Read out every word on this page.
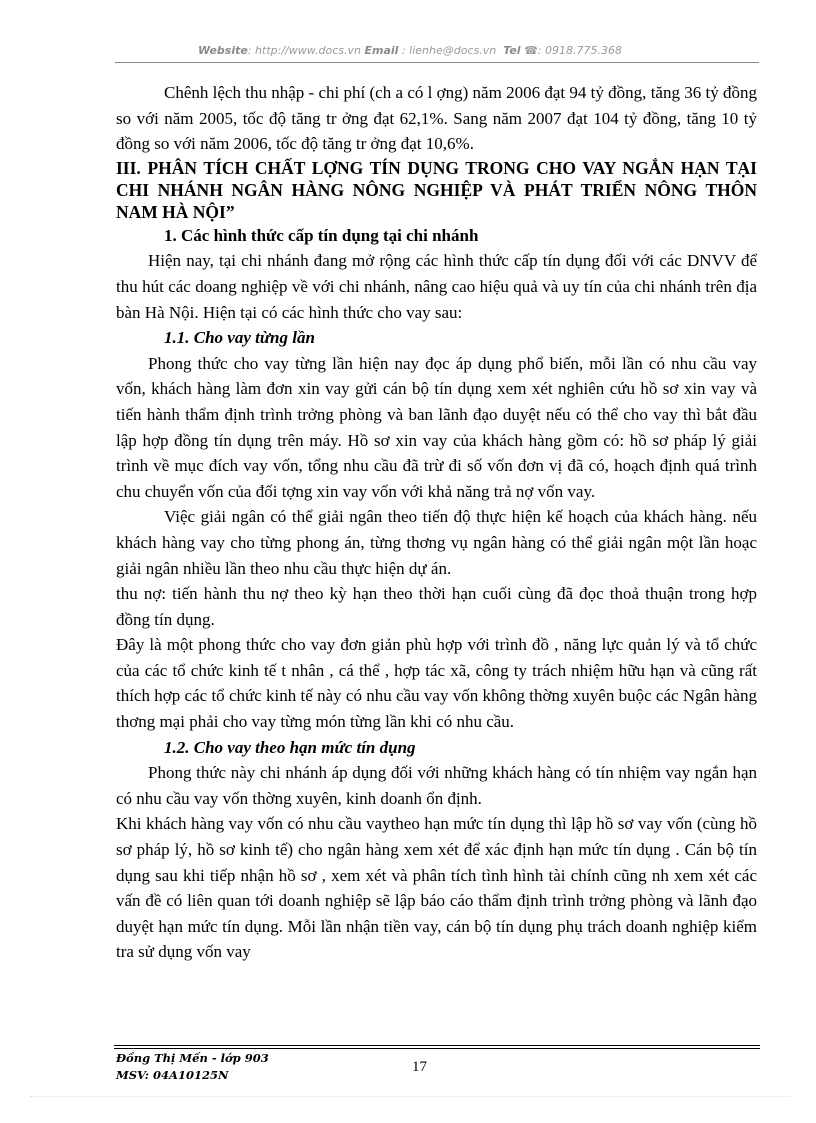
Website: http://www.docs.vn Email : lienhe@docs.vn Tel ☎: 0918.775.368

Chênh lệch thu nhập - chi phí (ch a có l ợng) năm 2006 đạt 94 tỷ đồng, tăng 36 tỷ đồng so với năm 2005, tốc độ tăng tr ởng đạt 62,1%. Sang năm 2007 đạt 104 tỷ đồng, tăng 10 tỷ đồng so với năm 2006, tốc độ tăng tr ởng đạt 10,6%.

III. PHÂN TÍCH CHẤT LỢNG TÍN DỤNG TRONG CHO VAY NGẮN HẠN TẠI CHI NHÁNH NGÂN HÀNG NÔNG NGHIỆP VÀ PHÁT TRIỂN NÔNG THÔN NAM HÀ NỘI”

1. Các hình thức cấp tín dụng tại chi nhánh

Hiện nay, tại chi nhánh đang mở rộng các hình thức cấp tín dụng đối với các DNVV để thu hút các doang nghiệp về với chi nhánh, nâng cao hiệu quả và uy tín của chi nhánh trên địa bàn Hà Nội. Hiện tại có các hình thức cho vay sau:

1.1. Cho vay từng lần

Phong thức cho vay từng lần hiện nay đọc áp dụng phổ biến, mỗi lần có nhu cầu vay vốn, khách hàng làm đơn xin vay gửi cán bộ tín dụng xem xét nghiên cứu hồ sơ xin vay và tiến hành thẩm định trình trởng phòng và ban lãnh đạo duyệt nếu có thể cho vay thì bắt đầu lập hợp đồng tín dụng trên máy. Hồ sơ xin vay của khách hàng gồm có: hồ sơ pháp lý giải trình về mục đích vay vốn, tổng nhu cầu đã trừ đi số vốn đơn vị đã có, hoạch định quá trình chu chuyển vốn của đối tợng xin vay vốn với khả năng trả nợ vốn vay.

Việc giải ngân có thể giải ngân theo tiến độ thực hiện kế hoạch của khách hàng. nếu khách hàng vay cho từng phong án, từng thơng vụ ngân hàng có thể giải ngân một lần hoạc giải ngân nhiều lần theo nhu cầu thực hiện dự án.

thu nợ: tiến hành thu nợ theo kỳ hạn theo thời hạn cuối cùng đã đọc thoả thuận trong hợp đồng tín dụng.

Đây là một phong thức cho vay đơn giản phù hợp với trình đồ , năng lực quản lý và tổ chức của các tổ chức kinh tế t nhân , cá thể , hợp tác xã, công ty trách nhiệm hữu hạn và cũng rất thích hợp các tổ chức kinh tế này có nhu cầu vay vốn không thờng xuyên buộc các Ngân hàng thơng mại phải cho vay từng món từng lần khi có nhu cầu.

1.2. Cho vay theo hạn mức tín dụng

Phong thức này chi nhánh áp dụng đối với những khách hàng có tín nhiệm vay ngắn hạn có nhu cầu vay vốn thờng xuyên, kinh doanh ổn định.

Khi khách hàng vay vốn có nhu cầu vaytheo hạn mức tín dụng thì lập hồ sơ vay vốn (cùng hồ sơ pháp lý, hồ sơ kinh tế) cho ngân hàng xem xét để xác định hạn mức tín dụng . Cán bộ tín dụng sau khi tiếp nhận hồ sơ , xem xét và phân tích tình hình tài chính cũng nh xem xét các vấn đề có liên quan tới doanh nghiệp sẽ lập báo cáo thẩm định trình trởng phòng và lãnh đạo duyệt hạn mức tín dụng. Mỗi lần nhận tiền vay, cán bộ tín dụng phụ trách doanh nghiệp kiểm tra sử dụng vốn vay

Đồng Thị Mến - lớp 903
MSV: 04A10125N	17
